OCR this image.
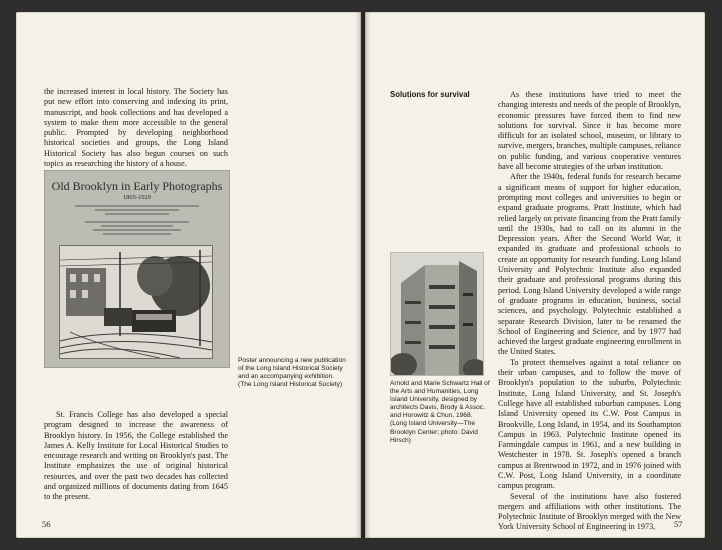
the increased interest in local history. The Society has put new effort into conserving and indexing its print, manuscript, and book collections and has developed a system to make them more accessible to the general public. Prompted by developing neighborhood historical societies and groups, the Long Island Historical Society has also begun courses on such topics as researching the history of a house.

Old Brooklyn in Early Photographs
1865-1929
Poster announcing a new publication of the Long Island Historical Society and an accompanying exhibition. (The Long Island Historical Society)

St. Francis College has also developed a special program designed to increase the awareness of Brooklyn history. In 1956, the College established the James A. Kelly Institute for Local Historical Studies to encourage research and writing on Brooklyn's past. The Institute emphasizes the use of original historical resources, and over the past two decades has collected and organized millions of documents dating from 1645 to the present.

56
Solutions for survival	As these institutions have tried to meet the changing interests and needs of the people of Brooklyn, economic pressures have forced them to find new solutions for survival. Since it has become more difficult for an isolated school, museum, or library to survive, mergers, branches, multiple campuses, reliance on public funding, and various cooperative ventures have all become strategies of the urban institution.

After the 1940s, federal funds for research became a significant means of support for higher education, prompting most colleges and universities to begin or expand graduate programs. Pratt Institute, which had relied largely on private financing from the Pratt family until the 1930s, had to call on its alumni in the Depression years. After the Second World War, it expanded its graduate and professional schools to create an opportunity for research funding. Long Island University and Polytechnic Institute also expanded their graduate and professional programs during this period. Long Island University developed a wide range of graduate programs in education, business, social sciences, and psychology. Polytechnic established a separate Research Division, later to be renamed the School of Engineering and Science, and by 1977 had achieved the largest graduate engineering enrollment in the United States.

To protect themselves against a total reliance on their urban campuses, and to follow the move of Brooklyn's population to the suburbs, Polytechnic Institute, Long Island University, and St. Joseph's College have all established suburban campuses. Long Island University opened its C.W. Post Campus in Brookville, Long Island, in 1954, and its Southampton Campus in 1963. Polytechnic Institute opened its Farmingdale campus in 1961, and a new building in Westchester in 1978. St. Joseph's opened a branch campus at Brentwood in 1972, and in 1976 joined with C.W. Post, Long Island University, in a coordinate campus program.

Several of the institutions have also fostered mergers and affiliations with other institutions. The Polytechnic Institute of Brooklyn merged with the New York University School of Engineering in 1973,

Arnold and Marie Schwartz Hall of the Arts and Humanities, Long Island University, designed by architects Davis, Brody & Assoc. and Horowitz & Chun, 1968. (Long Island University—The Brooklyn Center; photo: David Hirsch)
57
